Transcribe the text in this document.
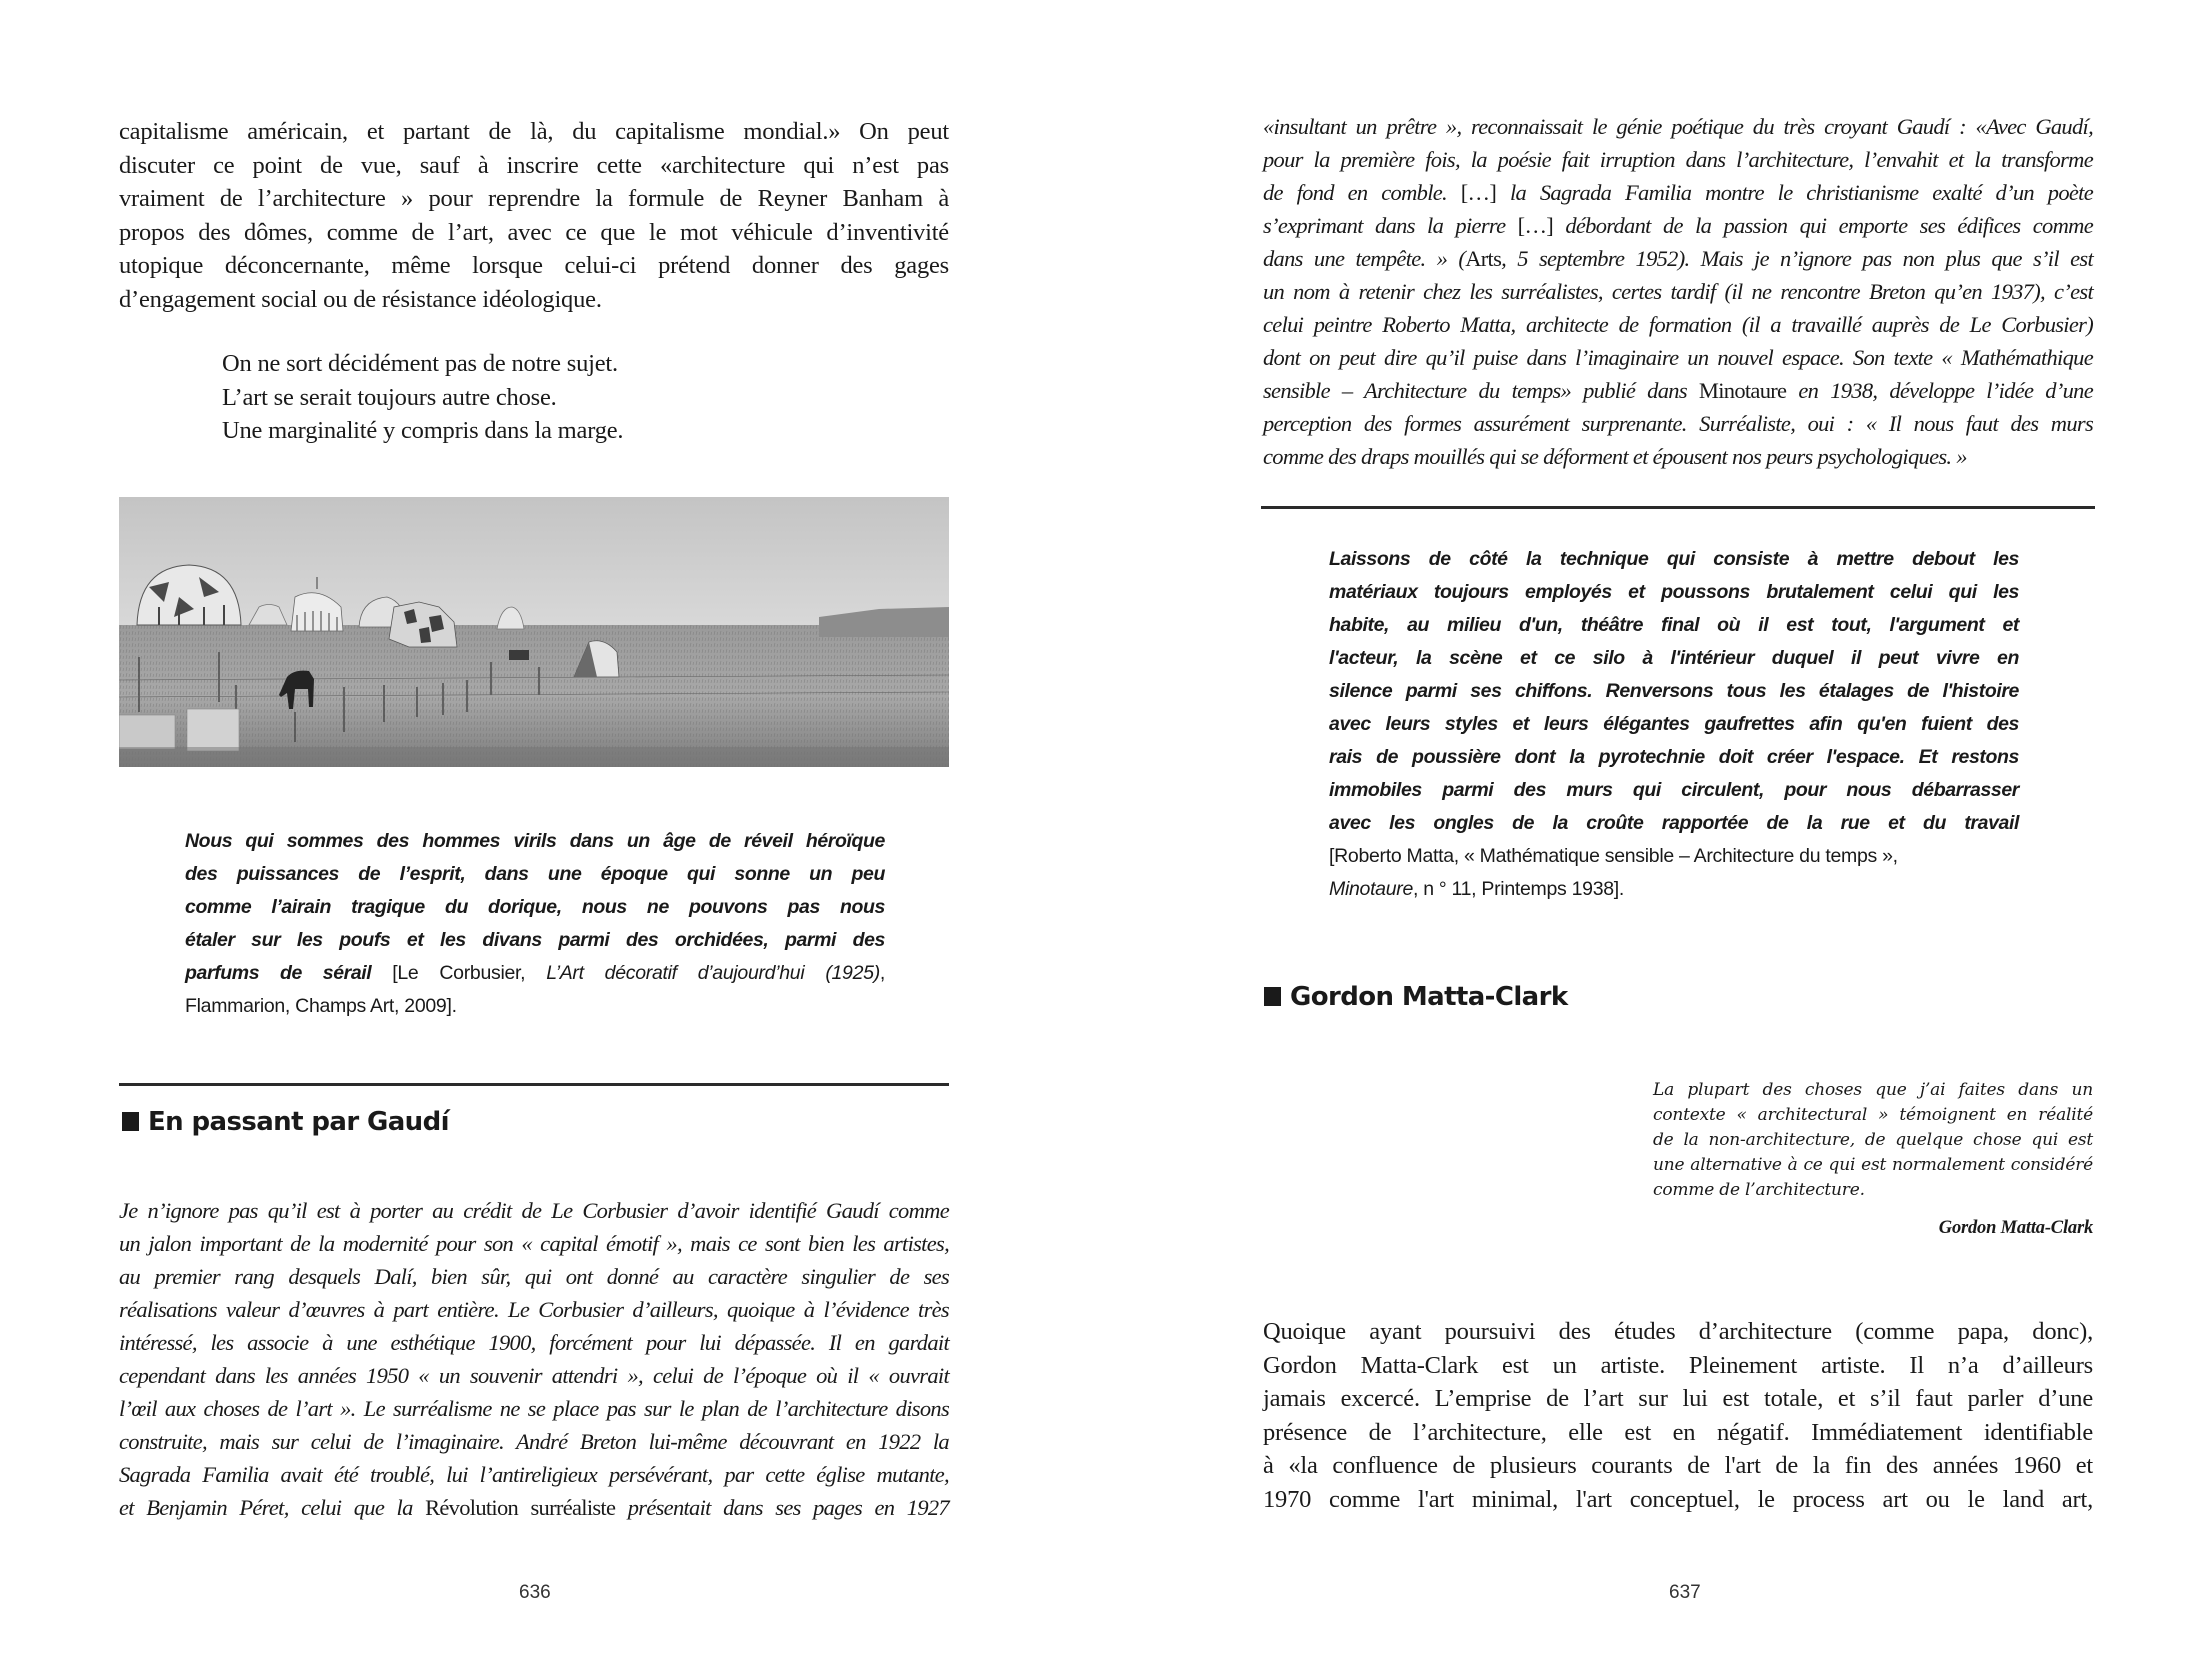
capitalisme américain, et partant de là, du capitalisme mondial.» On peut
discuter ce point de vue, sauf à inscrire cette «architecture qui n’est pas
vraiment de l’architecture » pour reprendre la formule de Reyner Banham à
propos des dômes, comme de l’art, avec ce que le mot véhicule d’inventivité
utopique déconcernante, même lorsque celui-ci prétend donner des gages
d’engagement social ou de résistance idéologique.
On ne sort décidément pas de notre sujet.
L’art se serait toujours autre chose.
Une marginalité y compris dans la marge.
Nous qui sommes des hommes virils dans un âge de réveil héroïque
des puissances de l’esprit, dans une époque qui sonne un peu
comme l’airain tragique du dorique, nous ne pouvons pas nous
étaler sur les poufs et les divans parmi des orchidées, parmi des
parfums de sérail [Le Corbusier, L’Art décoratif d’aujourd’hui (1925),
Flammarion, Champs Art, 2009].
En passant par Gaudí
Je n’ignore pas qu’il est à porter au crédit de Le Corbusier d’avoir identifié Gaudí comme
un jalon important de la modernité pour son « capital émotif », mais ce sont bien les artistes,
au premier rang desquels Dalí, bien sûr, qui ont donné au caractère singulier de ses
réalisations valeur d’œuvres à part entière. Le Corbusier d’ailleurs, quoique à l’évidence très
intéressé, les associe à une esthétique 1900, forcément pour lui dépassée. Il en gardait
cependant dans les années 1950 « un souvenir attendri », celui de l’époque où il « ouvrait
l’œil aux choses de l’art ». Le surréalisme ne se place pas sur le plan de l’architecture disons
construite, mais sur celui de l’imaginaire. André Breton lui-même découvrant en 1922 la
Sagrada Familia avait été troublé, lui l’antireligieux persévérant, par cette église mutante,
et Benjamin Péret, celui que la Révolution surréaliste présentait dans ses pages en 1927
636
«insultant un prêtre », reconnaissait le génie poétique du très croyant Gaudí : «Avec Gaudí,
pour la première fois, la poésie fait irruption dans l’architecture, l’envahit et la transforme
de fond en comble. […] la Sagrada Familia montre le christianisme exalté d’un poète
s’exprimant dans la pierre […] débordant de la passion qui emporte ses édifices comme
dans une tempête. » (Arts, 5 septembre 1952). Mais je n’ignore pas non plus que s’il est
un nom à retenir chez les surréalistes, certes tardif (il ne rencontre Breton qu’en 1937), c’est
celui peintre Roberto Matta, architecte de formation (il a travaillé auprès de Le Corbusier)
dont on peut dire qu’il puise dans l’imaginaire un nouvel espace. Son texte « Mathémathique
sensible – Architecture du temps» publié dans Minotaure en 1938, développe l’idée d’une
perception des formes assurément surprenante. Surréaliste, oui : « Il nous faut des murs
comme des draps mouillés qui se déforment et épousent nos peurs psychologiques. »
Laissons de côté la technique qui consiste à mettre debout les
matériaux toujours employés et poussons brutalement celui qui les
habite, au milieu d'un, théâtre final où il est tout, l'argument et
l'acteur, la scène et ce silo à l'intérieur duquel il peut vivre en
silence parmi ses chiffons. Renversons tous les étalages de l'histoire
avec leurs styles et leurs élégantes gaufrettes afin qu'en fuient des
rais de poussière dont la pyrotechnie doit créer l'espace. Et restons
immobiles parmi des murs qui circulent, pour nous débarrasser
avec les ongles de la croûte rapportée de la rue et du travail
[Roberto Matta, « Mathématique sensible – Architecture du temps »,
Minotaure, n ° 11, Printemps 1938].
Gordon Matta-Clark
La plupart des choses que j’ai faites dans un
contexte « architectural » témoignent en réalité
de la non-architecture, de quelque chose qui est
une alternative à ce qui est normalement considéré
comme de l’architecture.
Gordon Matta-Clark
Quoique ayant poursuivi des études d’architecture (comme papa, donc),
Gordon Matta-Clark est un artiste. Pleinement artiste. Il n’a d’ailleurs
jamais excercé. L’emprise de l’art sur lui est totale, et s’il faut parler d’une
présence de l’architecture, elle est en négatif. Immédiatement identifiable
à «la confluence de plusieurs courants de l'art de la fin des années 1960 et
1970 comme l'art minimal, l'art conceptuel, le process art ou le land art,
637
